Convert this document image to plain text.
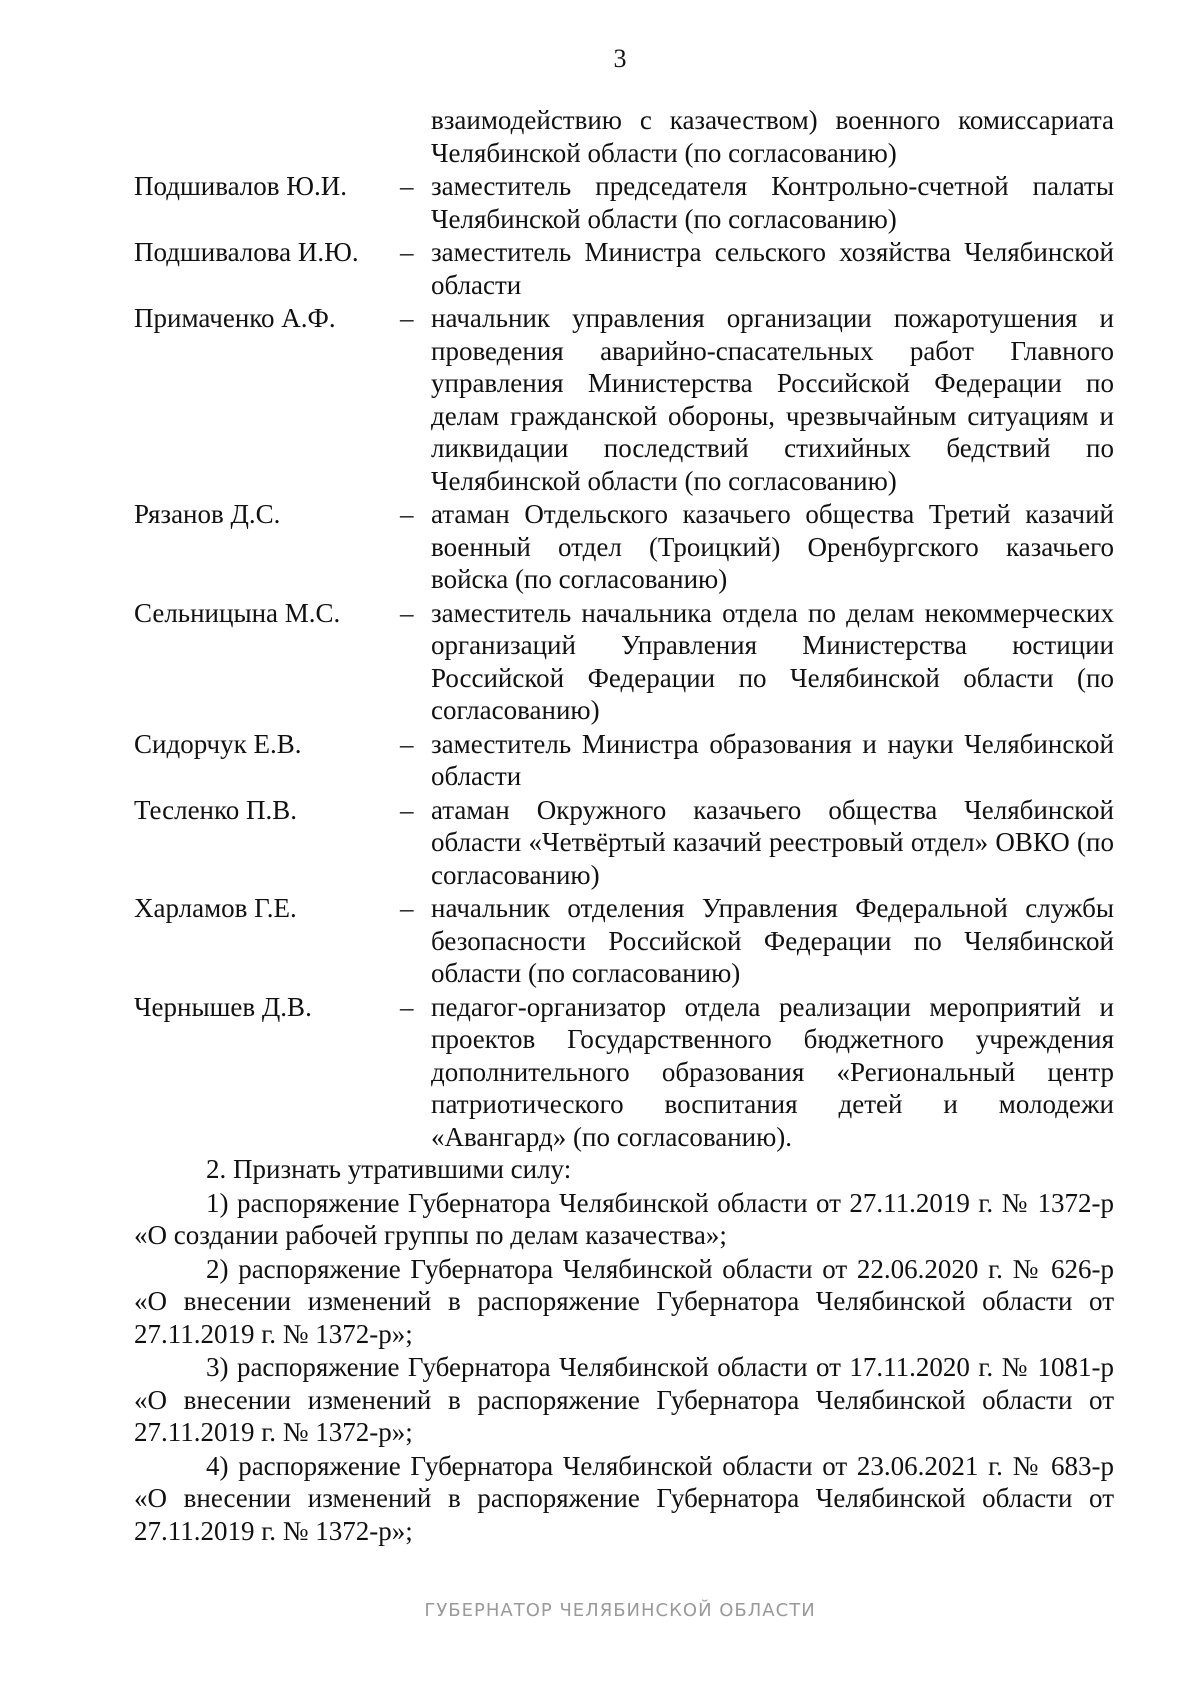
3
взаимодействию с казачеством) военного комиссариата Челябинской области (по согласованию)
Подшивалов Ю.И.	– заместитель председателя Контрольно-счетной палаты Челябинской области (по согласованию)
Подшивалова И.Ю.	– заместитель Министра сельского хозяйства Челябинской области
Примаченко А.Ф.	– начальник управления организации пожаротушения и проведения аварийно-спасательных работ Главного управления Министерства Российской Федерации по делам гражданской обороны, чрезвычайным ситуациям и ликвидации последствий стихийных бедствий по Челябинской области (по согласованию)
Рязанов Д.С.	– атаман Отдельского казачьего общества Третий казачий военный отдел (Троицкий) Оренбургского казачьего войска (по согласованию)
Сельницына М.С.	– заместитель начальника отдела по делам некоммерческих организаций Управления Министерства юстиции Российской Федерации по Челябинской области (по согласованию)
Сидорчук Е.В.	– заместитель Министра образования и науки Челябинской области
Тесленко П.В.	– атаман Окружного казачьего общества Челябинской области «Четвёртый казачий реестровый отдел» ОВКО (по согласованию)
Харламов Г.Е.	– начальник отделения Управления Федеральной службы безопасности Российской Федерации по Челябинской области (по согласованию)
Чернышев Д.В.	– педагог-организатор отдела реализации мероприятий и проектов Государственного бюджетного учреждения дополнительного образования «Региональный центр патриотического воспитания детей и молодежи «Авангард» (по согласованию).
2. Признать утратившими силу:
1) распоряжение Губернатора Челябинской области от 27.11.2019 г. № 1372-р «О создании рабочей группы по делам казачества»;
2) распоряжение Губернатора Челябинской области от 22.06.2020 г. № 626-р «О внесении изменений в распоряжение Губернатора Челябинской области от 27.11.2019 г. № 1372-р»;
3) распоряжение Губернатора Челябинской области от 17.11.2020 г. № 1081-р «О внесении изменений в распоряжение Губернатора Челябинской области от 27.11.2019 г. № 1372-р»;
4) распоряжение Губернатора Челябинской области от 23.06.2021 г. № 683-р «О внесении изменений в распоряжение Губернатора Челябинской области от 27.11.2019 г. № 1372-р»;
ГУБЕРНАТОР ЧЕЛЯБИНСКОЙ ОБЛАСТИ
